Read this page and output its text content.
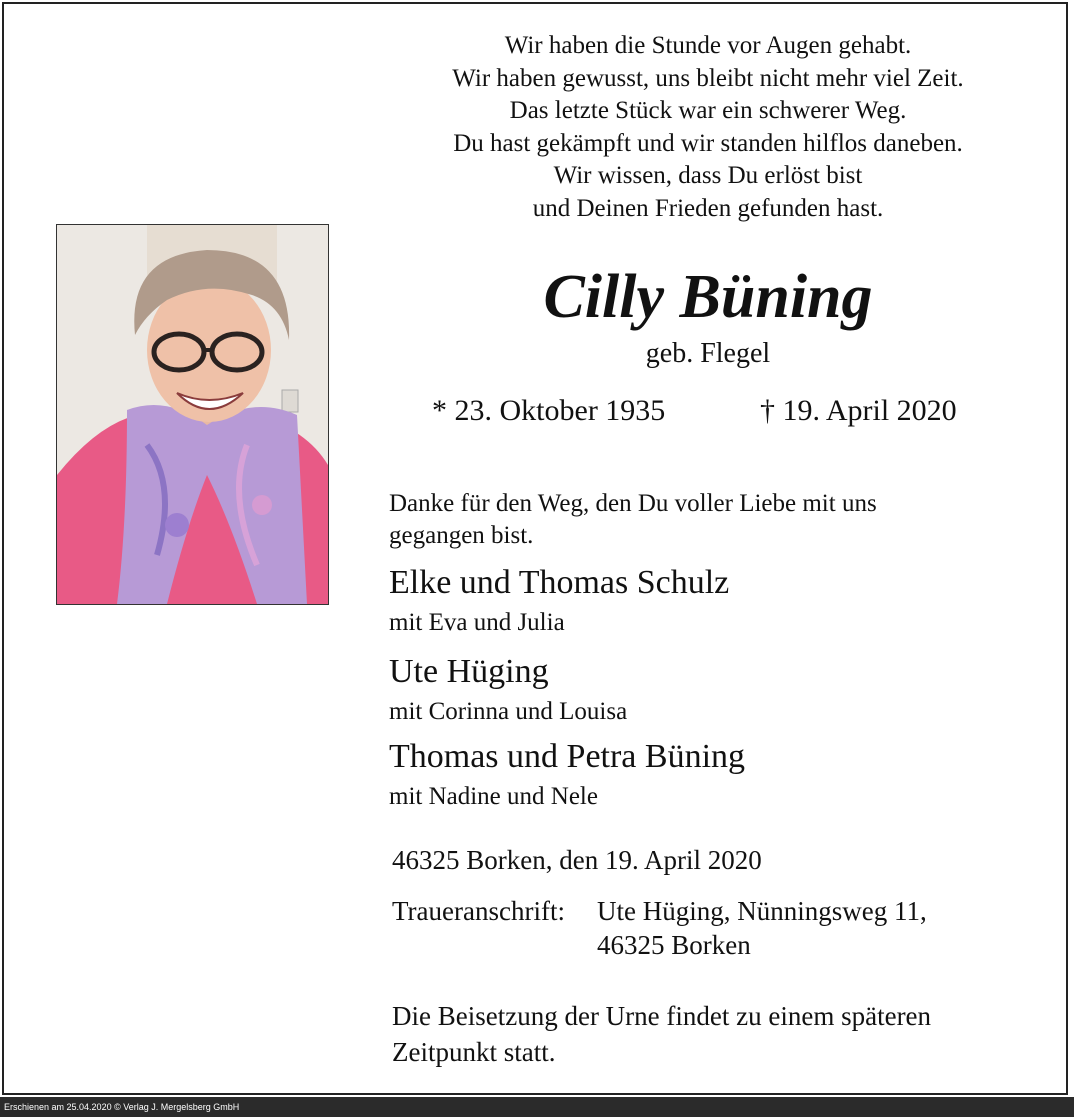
Wir haben die Stunde vor Augen gehabt.
Wir haben gewusst, uns bleibt nicht mehr viel Zeit.
Das letzte Stück war ein schwerer Weg.
Du hast gekämpft und wir standen hilflos daneben.
Wir wissen, dass Du erlöst bist
und Deinen Frieden gefunden hast.
Cilly Büning
geb. Flegel
* 23. Oktober 1935	† 19. April 2020
Danke für den Weg, den Du voller Liebe mit uns
gegangen bist.
Elke und Thomas Schulz
mit Eva und Julia
Ute Hüging
mit Corinna und Louisa
Thomas und Petra Büning
mit Nadine und Nele
46325 Borken, den 19. April 2020
Traueranschrift: Ute Hüging, Nünningsweg 11,
46325 Borken
Die Beisetzung der Urne findet zu einem späteren
Zeitpunkt statt.
Erschienen am 25.04.2020 © Verlag J. Mergelsberg GmbH
